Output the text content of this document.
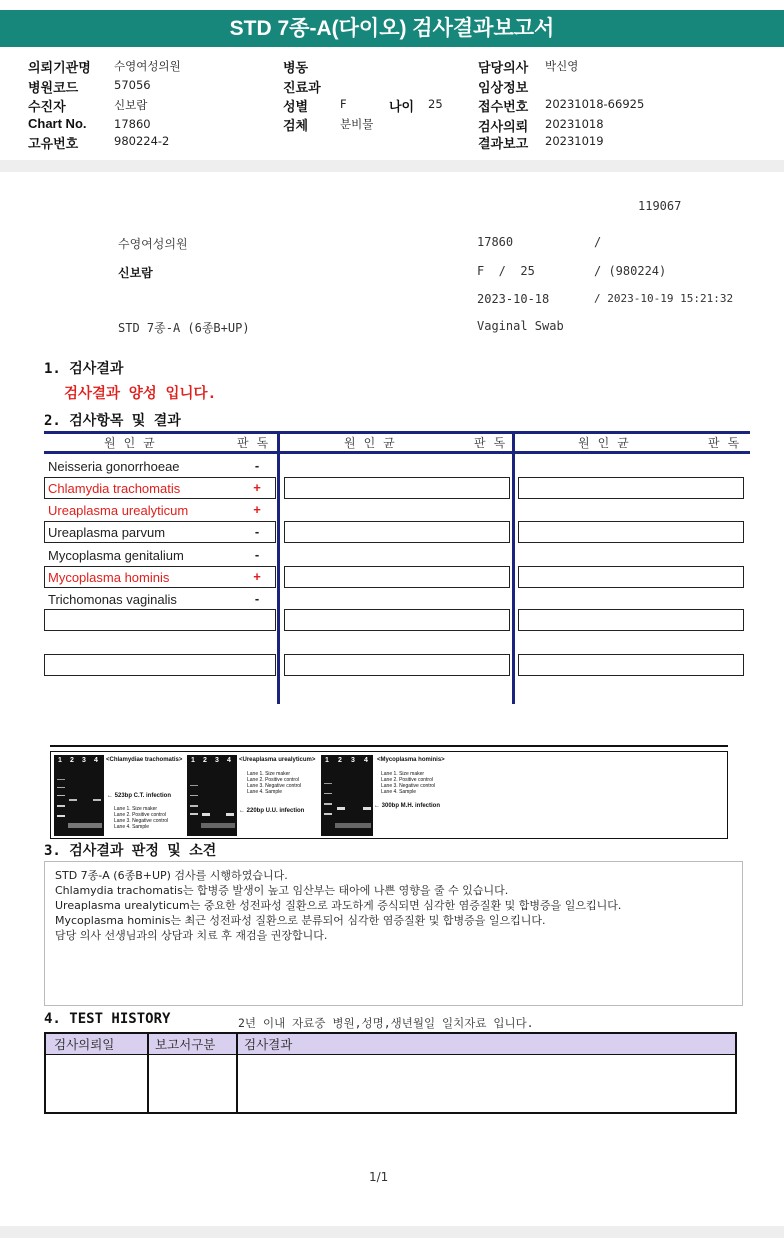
STD 7종-A(다이오) 검사결과보고서
의뢰기관명 수영여성의원
병원코드	57056
수진자	신보람
Chart No. 17860
고유번호	980224-2
병동
진료과
성별	F	나이 25
검체	분비물
담당의사 박신영
임상정보
접수번호 20231018-66925
검사의뢰 20231018
결과보고 20231019
119067
수영여성의원	17860	/
신보람	F  /  25	/ (980224)
2023-10-18	/ 2023-10-19 15:21:32
STD 7종-A (6종B+UP)	Vaginal Swab
1. 검사결과
검사결과 양성 입니다.
2. 검사항목 및 결과
원인균	판독	원인균	판독	원인균	판독
Neisseria gonorrhoeae	-
Chlamydia trachomatis	+
Ureaplasma urealyticum	+
Ureaplasma parvum	-
Mycoplasma genitalium	-
Mycoplasma hominis	+
Trichomonas vaginalis	-
1 2 3 4 <Chlamydiae trachomatis>
← 523bp C.T. infection
Lane 1. Size maker
Lane 2. Positive control
Lane 3. Negative control
Lane 4. Sample
1 2 3 4 <Ureaplasma urealyticum>
Lane 1. Size maker
Lane 2. Positive control
Lane 3. Negative control
Lane 4. Sample
← 220bp U.U. infection
1 2 3 4 <Mycoplasma hominis>
Lane 1. Size maker
Lane 2. Positive control
Lane 3. Negative control
Lane 4. Sample
← 300bp M.H. infection
3. 검사결과 판정 및 소견
STD 7종-A (6종B+UP) 검사를 시행하였습니다.
Chlamydia trachomatis는 합병증 발생이 높고 임산부는 태아에 나쁜 영향을 줄 수 있습니다.
Ureaplasma urealyticum는 중요한 성전파성 질환으로 과도하게 증식되면 심각한 염증질환 및 합병증을 일으킵니다.
Mycoplasma hominis는 최근 성전파성 질환으로 분류되어 심각한 염증질환 및 합병증을 일으킵니다.
담당 의사 선생님과의 상담과 치료 후 재검을 권장합니다.
4. TEST HISTORY	2년 이내 자료중 병원,성명,생년월일 일치자료 입니다.
검사의뢰일	보고서구분	검사결과
1/1
